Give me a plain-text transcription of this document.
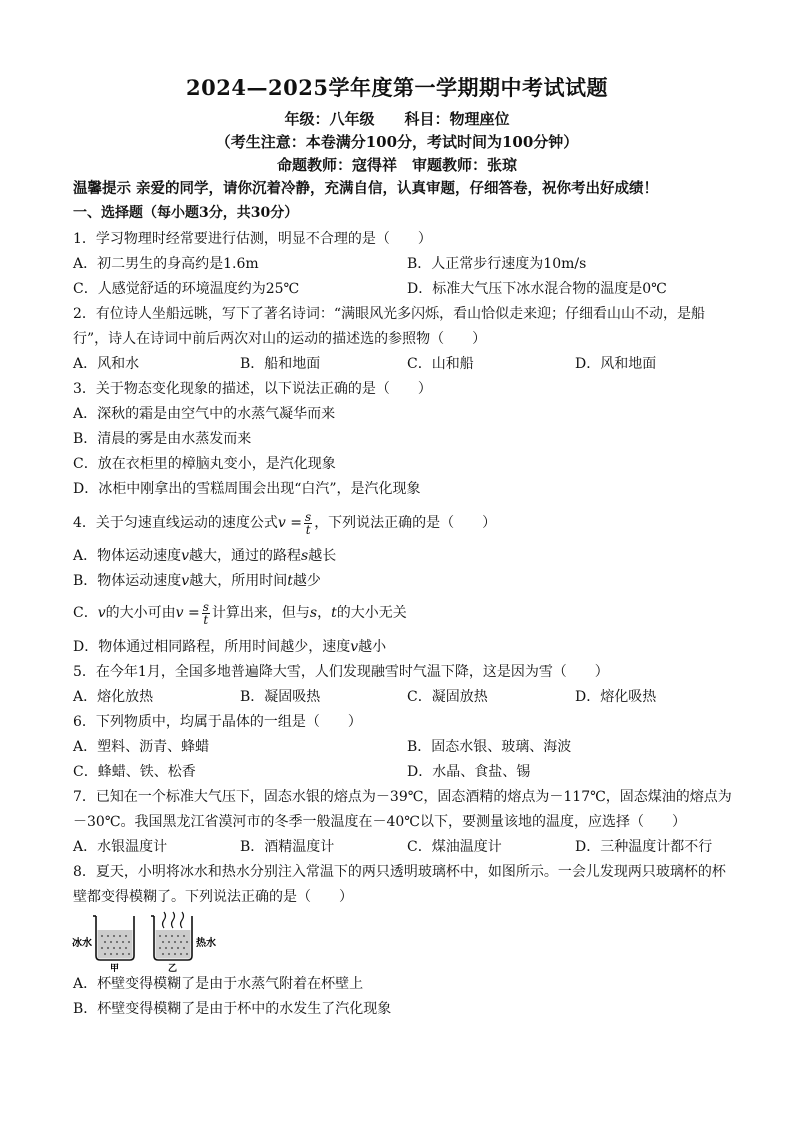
2024—2025学年度第一学期期中考试试题
年级：八年级　　科目：物理座位
（考生注意：本卷满分100分，考试时间为100分钟）
命题教师：寇得祥　审题教师：张琼
温馨提示 亲爱的同学，请你沉着冷静，充满自信，认真审题，仔细答卷，祝你考出好成绩！
一、选择题（每小题3分，共30分）
1．学习物理时经常要进行估测，明显不合理的是（　　）
A．初二男生的身高约是1.6m	B．人正常步行速度为10m/s
C．人感觉舒适的环境温度约为25℃	D．标准大气压下冰水混合物的温度是0℃
2．有位诗人坐船远眺，写下了著名诗词：“满眼风光多闪烁，看山恰似走来迎；仔细看山山不动，是船
行”，诗人在诗词中前后两次对山的运动的描述选的参照物（　　）
A．风和水	B．船和地面	C．山和船	D．风和地面
3．关于物态变化现象的描述，以下说法正确的是（　　）
A．深秋的霜是由空气中的水蒸气凝华而来
B．清晨的雾是由水蒸发而来
C．放在衣柜里的樟脑丸变小，是汽化现象
D．冰柜中刚拿出的雪糕周围会出现“白汽”，是汽化现象
4．关于匀速直线运动的速度公式$v = \frac{s}{t}$ ，下列说法正确的是（　　）
A．物体运动速度v越大，通过的路程s越长
B．物体运动速度v越大，所用时间t越少
C．v的大小可由$v = \frac{s}{t}$ 计算出来，但与s，t的大小无关
D．物体通过相同路程，所用时间越少，速度v越小
5．在今年1月，全国多地普遍降大雪，人们发现融雪时气温下降，这是因为雪（　　）
A．熔化放热	B．凝固吸热	C．凝固放热	D．熔化吸热
6．下列物质中，均属于晶体的一组是（　　）
A．塑料、沥青、蜂蜡	B．固态水银、玻璃、海波
C．蜂蜡、铁、松香	D．水晶、食盐、锡
7．已知在一个标准大气压下，固态水银的熔点为－39℃，固态酒精的熔点为－117℃，固态煤油的熔点为
－30℃。我国黑龙江省漠河市的冬季一般温度在－40℃以下，要测量该地的温度，应选择（　　）
A．水银温度计	B．酒精温度计	C．煤油温度计	D．三种温度计都不行
8．夏天，小明将冰水和热水分别注入常温下的两只透明玻璃杯中，如图所示。一会儿发现两只玻璃杯的杯
壁都变得模糊了。下列说法正确的是（　　）
冰水	热水
甲	乙
A．杯壁变得模糊了是由于水蒸气附着在杯壁上
B．杯壁变得模糊了是由于杯中的水发生了汽化现象
